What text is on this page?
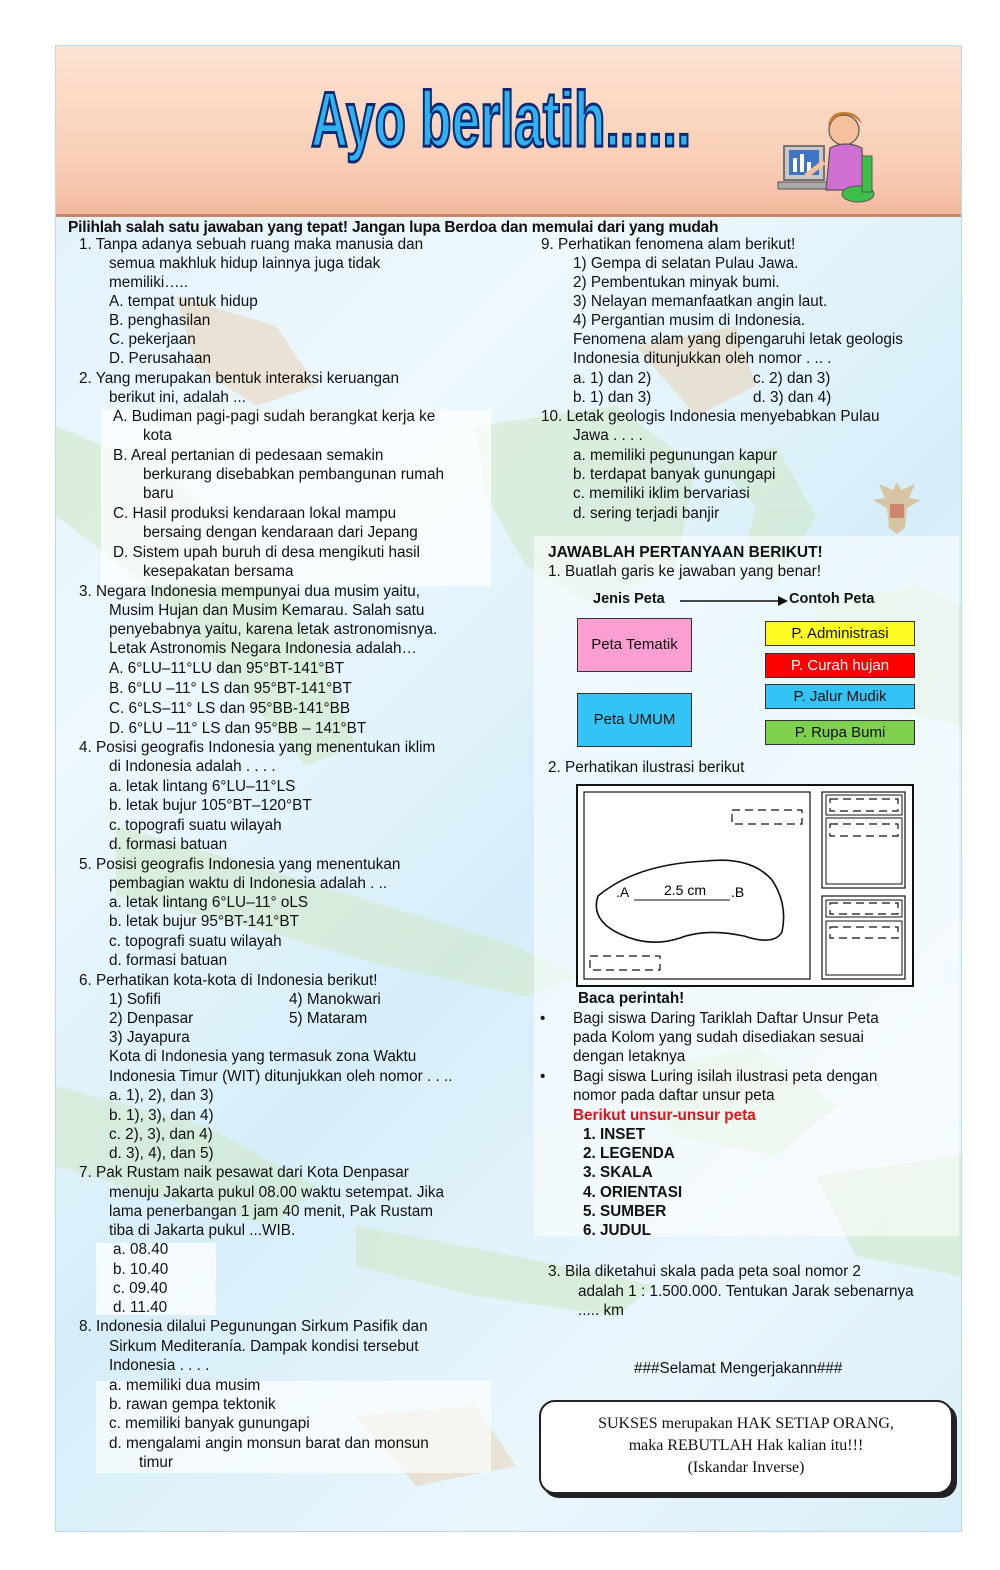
Ayo berlatih......
Pilihlah salah satu jawaban yang tepat! Jangan lupa Berdoa dan memulai dari yang mudah
1. Tanpa adanya sebuah ruang maka manusia dan
semua makhluk hidup lainnya juga tidak
memiliki…..
A. tempat untuk hidup
B. penghasilan
C. pekerjaan
D. Perusahaan
2. Yang merupakan bentuk interaksi keruangan
berikut ini, adalah ...
A. Budiman pagi-pagi sudah berangkat kerja ke
kota
B. Areal pertanian di pedesaan semakin
berkurang disebabkan pembangunan rumah
baru
C. Hasil produksi kendaraan lokal mampu
bersaing dengan kendaraan dari Jepang
D. Sistem upah buruh di desa mengikuti hasil
kesepakatan bersama
3. Negara Indonesia mempunyai dua musim yaitu,
Musim Hujan dan Musim Kemarau. Salah satu
penyebabnya yaitu, karena letak astronomisnya.
Letak Astronomis Negara Indonesia adalah…
A. 6°LU–11°LU dan 95°BT-141°BT
B. 6°LU –11° LS dan 95°BT-141°BT
C. 6°LS–11° LS dan 95°BB-141°BB
D. 6°LU –11° LS dan 95°BB – 141°BT
4. Posisi geografis Indonesia yang menentukan iklim
di Indonesia adalah . . . .
a. letak lintang 6°LU–11°LS
b. letak bujur 105°BT–120°BT
c. topografi suatu wilayah
d. formasi batuan
5. Posisi geografis Indonesia yang menentukan
pembagian waktu di Indonesia adalah . ..
a. letak lintang 6°LU–11° oLS
b. letak bujur 95°BT-141°BT
c. topografi suatu wilayah
d. formasi batuan
6. Perhatikan kota-kota di Indonesia berikut!
1) Sofifi	4) Manokwari
2) Denpasar	5) Mataram
3) Jayapura
Kota di Indonesia yang termasuk zona Waktu
Indonesia Timur (WIT) ditunjukkan oleh nomor . . ..
a. 1), 2), dan 3)
b. 1), 3), dan 4)
c. 2), 3), dan 4)
d. 3), 4), dan 5)
7. Pak Rustam naik pesawat dari Kota Denpasar
menuju Jakarta pukul 08.00 waktu setempat. Jika
lama penerbangan 1 jam 40 menit, Pak Rustam
tiba di Jakarta pukul ...WIB.
a. 08.40
b. 10.40
c. 09.40
d. 11.40
8. Indonesia dilalui Pegunungan Sirkum Pasifik dan
Sirkum Mediteranía. Dampak kondisi tersebut
Indonesia . . . .
a. memiliki dua musim
b. rawan gempa tektonik
c. memiliki banyak gunungapi
d. mengalami angin monsun barat dan monsun
timur
9. Perhatikan fenomena alam berikut!
1) Gempa di selatan Pulau Jawa.
2) Pembentukan minyak bumi.
3) Nelayan memanfaatkan angin laut.
4) Pergantian musim di Indonesia.
Fenomena alam yang dipengaruhi letak geologis
Indonesia ditunjukkan oleh nomor . .. .
a. 1) dan 2)	c. 2) dan 3)
b. 1) dan 3)	d. 3) dan 4)
10. Letak geologis Indonesia menyebabkan Pulau
Jawa . . . .
a. memiliki pegunungan kapur
b. terdapat banyak gunungapi
c. memiliki iklim bervariasi
d. sering terjadi banjir
JAWABLAH PERTANYAAN BERIKUT!
1. Buatlah garis ke jawaban yang benar!
Jenis Peta	Contoh Peta
Peta Tematik
Peta UMUM
P. Administrasi
P. Curah hujan
P. Jalur Mudik
P. Rupa Bumi
2. Perhatikan ilustrasi berikut
.A 2.5 cm .B
Baca perintah!
• Bagi siswa Daring Tariklah Daftar Unsur Peta
pada Kolom yang sudah disediakan sesuai
dengan letaknya
• Bagi siswa Luring isilah ilustrasi peta dengan
nomor pada daftar unsur peta
Berikut unsur-unsur peta
1. INSET
2. LEGENDA
3. SKALA
4. ORIENTASI
5. SUMBER
6. JUDUL
3. Bila diketahui skala pada peta soal nomor 2
adalah 1 : 1.500.000. Tentukan Jarak sebenarnya
..... km
###Selamat Mengerjakann###
SUKSES merupakan HAK SETIAP ORANG,
maka REBUTLAH Hak kalian itu!!!
(Iskandar Inverse)
